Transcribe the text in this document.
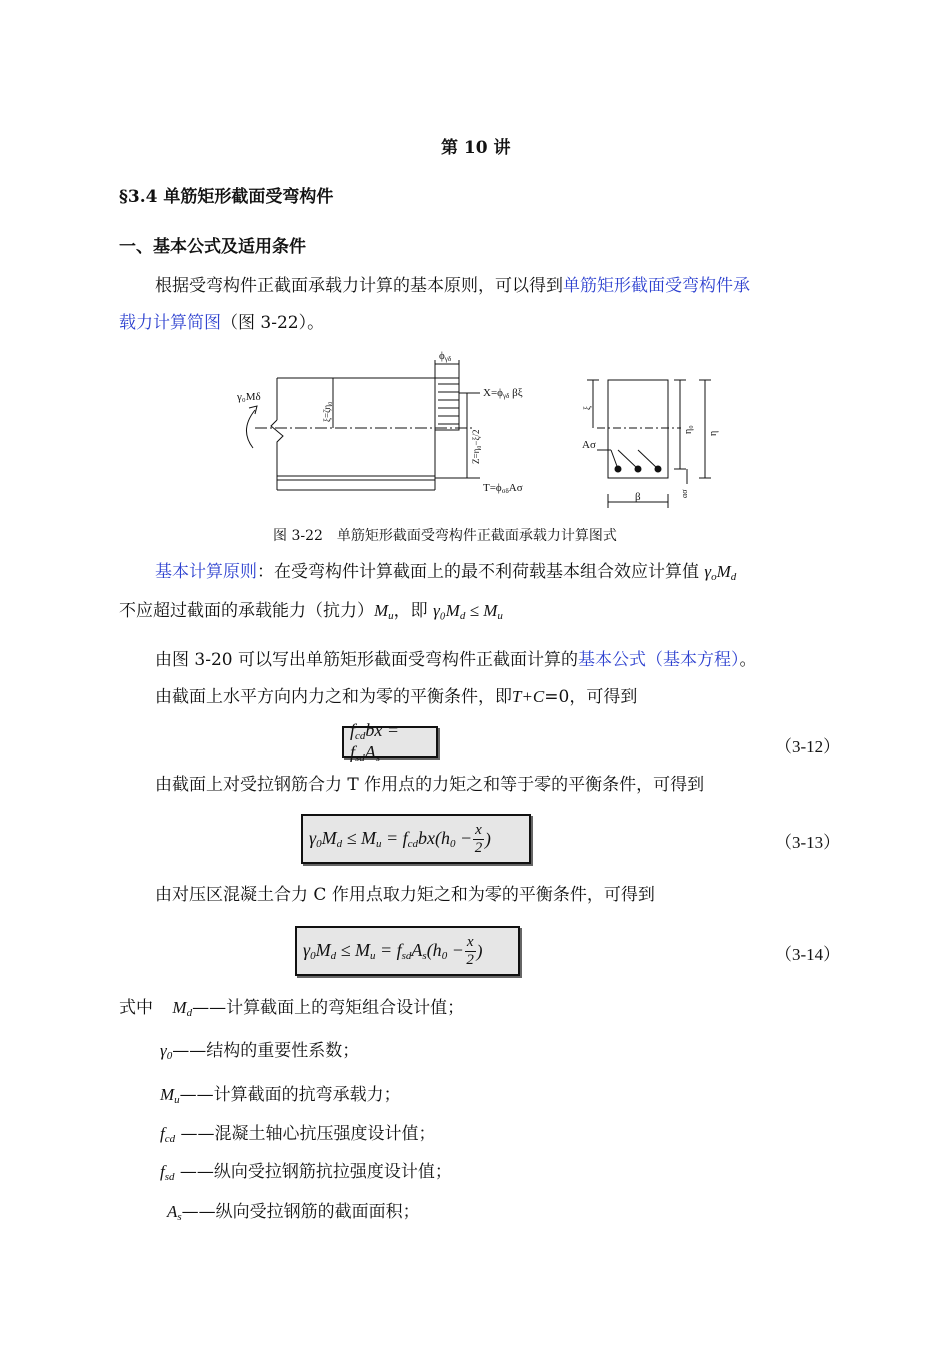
第 10 讲
§3.4 单筋矩形截面受弯构件
一、基本公式及适用条件
根据受弯构件正截面承载力计算的基本原则，可以得到单筋矩形截面受弯构件承
载力计算简图（图 3-22）。
γ₀Mδ
ϕγδ
X=ϕγδ βξ
T=ϕσδAσ
ξ=ζη₀
Z=η₀−ξ/2
ξ
Aσ
η₀ η
ασ
β
图 3-22　单筋矩形截面受弯构件正截面承载力计算图式
基本计算原则：在受弯构件计算截面上的最不利荷载基本组合效应计算值 $\gamma_oM_d$
不应超过截面的承载能力（抗力）$M_u$，即 $\gamma_0M_d \le M_u$
由图 3-20 可以写出单筋矩形截面受弯构件正截面计算的基本公式（基本方程）。
由截面上水平方向内力之和为零的平衡条件，即T+C=0，可得到
$f_{cd}bx = f_{sd}A_s$
（3-12）
由截面上对受拉钢筋合力 T 作用点的力矩之和等于零的平衡条件，可得到
$\gamma_0M_d \le M_u = f_{cd}bx(h_0 - \frac{x}{2}$ )	（3-13）
由对压区混凝土合力 C 作用点取力矩之和为零的平衡条件，可得到
$\gamma_0M_d \le M_u = f_{sd}A_s(h_0 - \frac{x}{2}$ )	（3-14）
式中 $M_d——$计算截面上的弯矩组合设计值；
$\gamma_0——$结构的重要性系数；
$M_u——$计算截面的抗弯承载力；
$f_{cd}$ ——混凝土轴心抗压强度设计值；
$f_{sd}$ ——纵向受拉钢筋抗拉强度设计值；
$A_s——$纵向受拉钢筋的截面面积；
